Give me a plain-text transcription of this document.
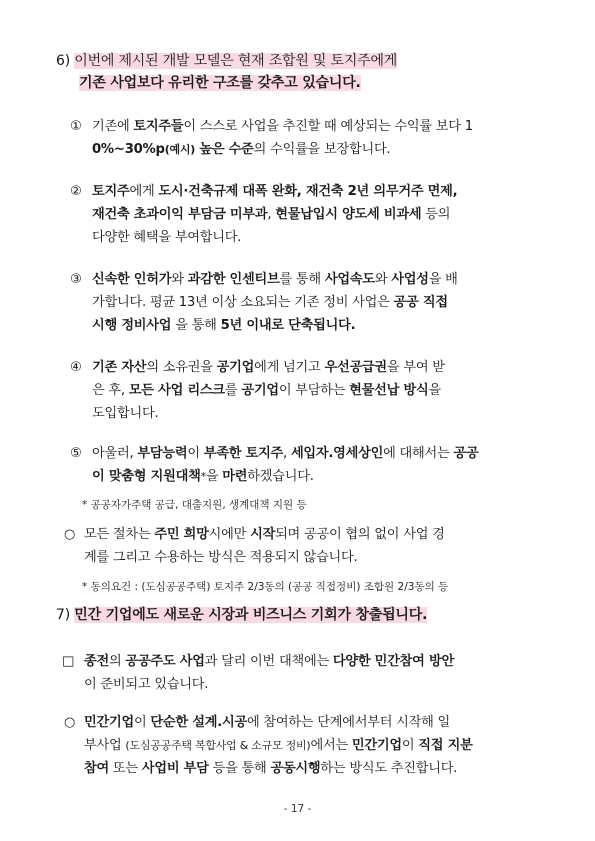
6) 이번에 제시된 개발 모델은 현재 조합원 및 토지주에게
기존 사업보다 유리한 구조를 갖추고 있습니다.
① 기존에 토지주들이 스스로 사업을 추진할 때 예상되는 수익률 보다 1
0%~30%p(예시) 높은 수준의 수익률을 보장합니다.
② 토지주에게 도시·건축규제 대폭 완화, 재건축 2년 의무거주 면제,
재건축 초과이익 부담금 미부과, 현물납입시 양도세 비과세 등의
다양한 혜택을 부여합니다.
③ 신속한 인허가와 과감한 인센티브를 통해 사업속도와 사업성을 배
가합니다. 평균 13년 이상 소요되는 기존 정비 사업은 공공 직접
시행 정비사업 을 통해 5년 이내로 단축됩니다.
④ 기존 자산의 소유권을 공기업에게 넘기고 우선공급권을 부여 받
은 후, 모든 사업 리스크를 공기업이 부담하는 현물선납 방식을
도입합니다.
⑤ 아울러, 부담능력이 부족한 토지주, 세입자.영세상인에 대해서는 공공
이 맞춤형 지원대책*을 마련하겠습니다.
* 공공자가주택 공급, 대출지원, 생계대책 지원 등
○ 모든 절차는 주민 희망시에만 시작되며 공공이 협의 없이 사업 경
계를 그리고 수용하는 방식은 적용되지 않습니다.
* 동의요건 : (도심공공주택) 토지주 2/3동의 (공공 직접정비) 조합원 2/3동의 등
7) 민간 기업에도 새로운 시장과 비즈니스 기회가 창출됩니다.
□ 종전의 공공주도 사업과 달리 이번 대책에는 다양한 민간참여 방안
이 준비되고 있습니다.
○ 민간기업이 단순한 설계.시공에 참여하는 단계에서부터 시작해 일
부사업 (도심공공주택 복합사업 & 소규모 정비)에서는 민간기업이 직접 지분
참여 또는 사업비 부담 등을 통해 공동시행하는 방식도 추진합니다.
- 17 -
